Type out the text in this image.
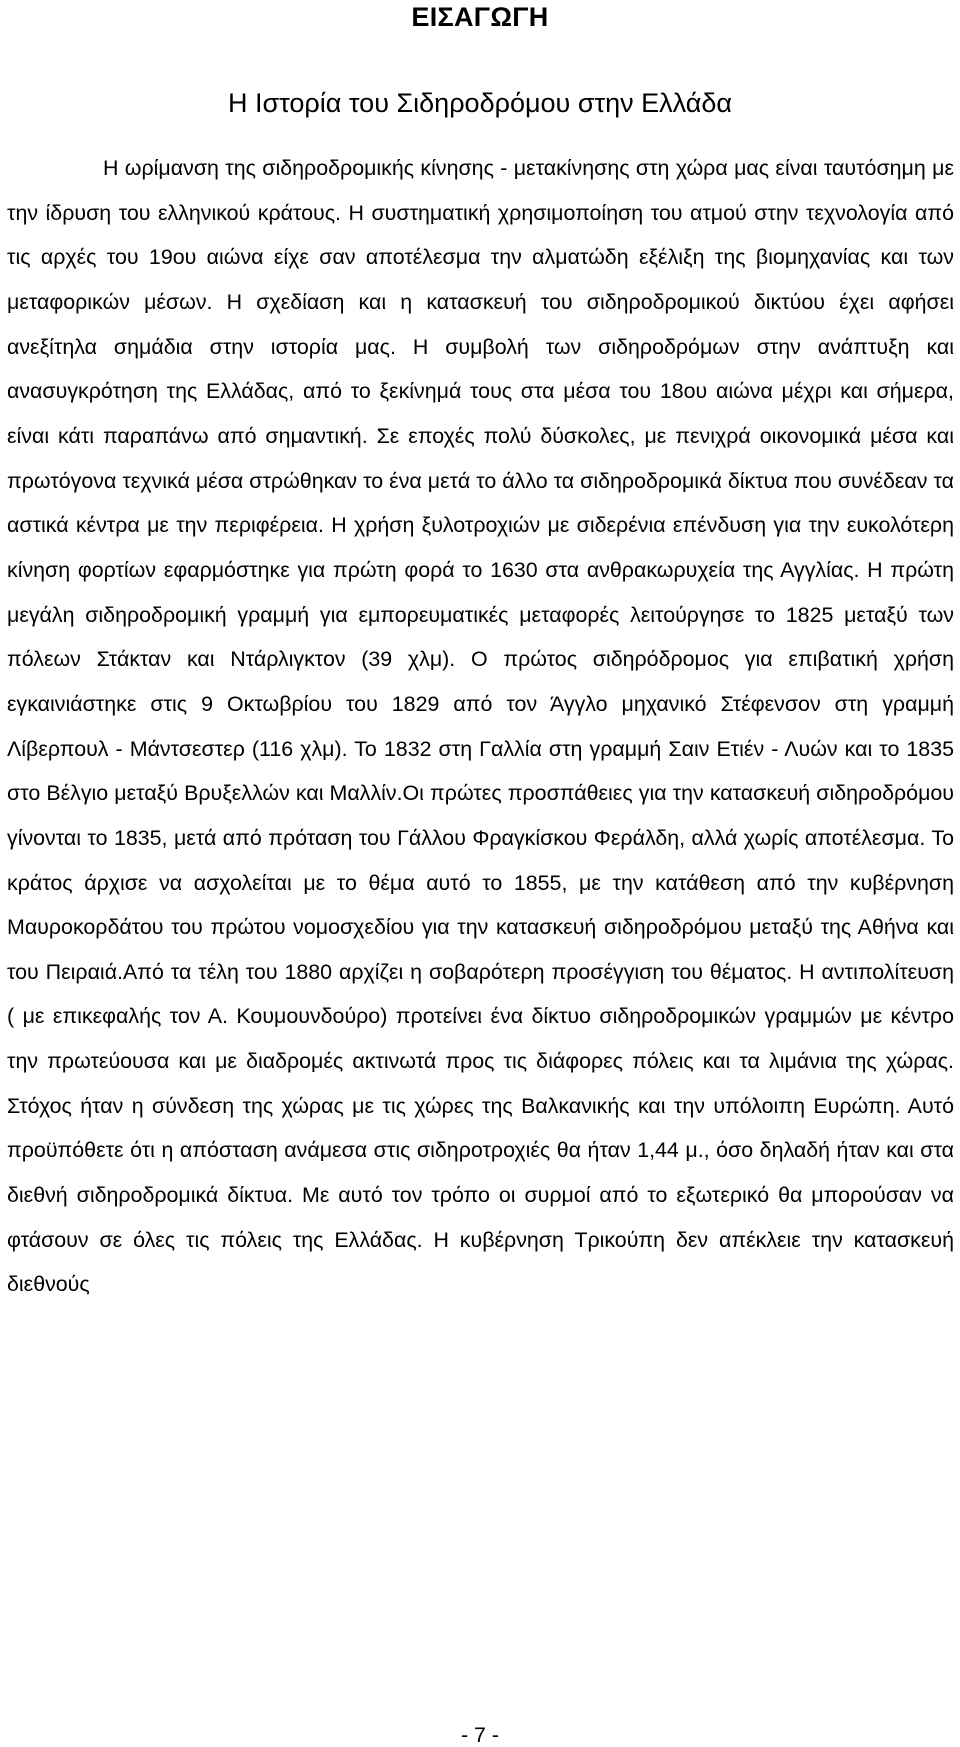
ΕΙΣΑΓΩΓΗ
Η Ιστορία του Σιδηροδρόμου στην Ελλάδα

Η ωρίμανση της σιδηροδρομικής κίνησης - μετακίνησης στη χώρα μας είναι ταυτόσημη με την ίδρυση του ελληνικού κράτους. Η συστηματική χρησιμοποίηση του ατμού στην τεχνολογία από τις αρχές του 19ου αιώνα είχε σαν αποτέλεσμα την αλματώδη εξέλιξη της βιομηχανίας και των μεταφορικών μέσων. Η σχεδίαση και η κατασκευή του σιδηροδρομικού δικτύου έχει αφήσει ανεξίτηλα σημάδια στην ιστορία μας. Η συμβολή των σιδηροδρόμων στην ανάπτυξη και ανασυγκρότηση της Ελλάδας, από το ξεκίνημά τους στα μέσα του 18ου αιώνα μέχρι και σήμερα, είναι κάτι παραπάνω από σημαντική. Σε εποχές πολύ δύσκολες, με πενιχρά οικονομικά μέσα και πρωτόγονα τεχνικά μέσα στρώθηκαν το ένα μετά το άλλο τα σιδηροδρομικά δίκτυα που συνέδεαν τα αστικά κέντρα με την περιφέρεια. Η χρήση ξυλοτροχιών με σιδερένια επένδυση για την ευκολότερη κίνηση φορτίων εφαρμόστηκε για πρώτη φορά το 1630 στα ανθρακωρυχεία της Αγγλίας. Η πρώτη μεγάλη σιδηροδρομική γραμμή για εμπορευματικές μεταφορές λειτούργησε το 1825 μεταξύ των πόλεων Στάκταν και Ντάρλιγκτον (39 χλμ). Ο πρώτος σιδηρόδρομος για επιβατική χρήση εγκαινιάστηκε στις 9 Οκτωβρίου του 1829 από τον Άγγλο μηχανικό Στέφενσον στη γραμμή Λίβερπουλ - Μάντσεστερ (116 χλμ). Το 1832 στη Γαλλία στη γραμμή Σαιν Ετιέν - Λυών και το 1835 στο Βέλγιο μεταξύ Βρυξελλών και Μαλλίν.Οι πρώτες προσπάθειες για την κατασκευή σιδηροδρόμου γίνονται το 1835, μετά από πρόταση του Γάλλου Φραγκίσκου Φεράλδη, αλλά χωρίς αποτέλεσμα. Το κράτος άρχισε να ασχολείται με το θέμα αυτό το 1855, με την κατάθεση από την κυβέρνηση Μαυροκορδάτου του πρώτου νομοσχεδίου για την κατασκευή σιδηροδρόμου μεταξύ της Αθήνα και του Πειραιά.Από τα τέλη του 1880 αρχίζει η σοβαρότερη προσέγγιση του θέματος. Η αντιπολίτευση ( με επικεφαλής τον Α. Κουμουνδούρο) προτείνει ένα δίκτυο σιδηροδρομικών γραμμών με κέντρο την πρωτεύουσα και με διαδρομές ακτινωτά προς τις διάφορες πόλεις και τα λιμάνια της χώρας. Στόχος ήταν η σύνδεση της χώρας με τις χώρες της Βαλκανικής και την υπόλοιπη Ευρώπη. Αυτό προϋπόθετε ότι η απόσταση ανάμεσα στις σιδηροτροχιές θα ήταν 1,44 μ., όσο δηλαδή ήταν και στα διεθνή σιδηροδρομικά δίκτυα. Με αυτό τον τρόπο οι συρμοί από το εξωτερικό θα μπορούσαν να φτάσουν σε όλες τις πόλεις της Ελλάδας. Η κυβέρνηση Τρικούπη δεν απέκλειε την κατασκευή διεθνούς

- 7 -
